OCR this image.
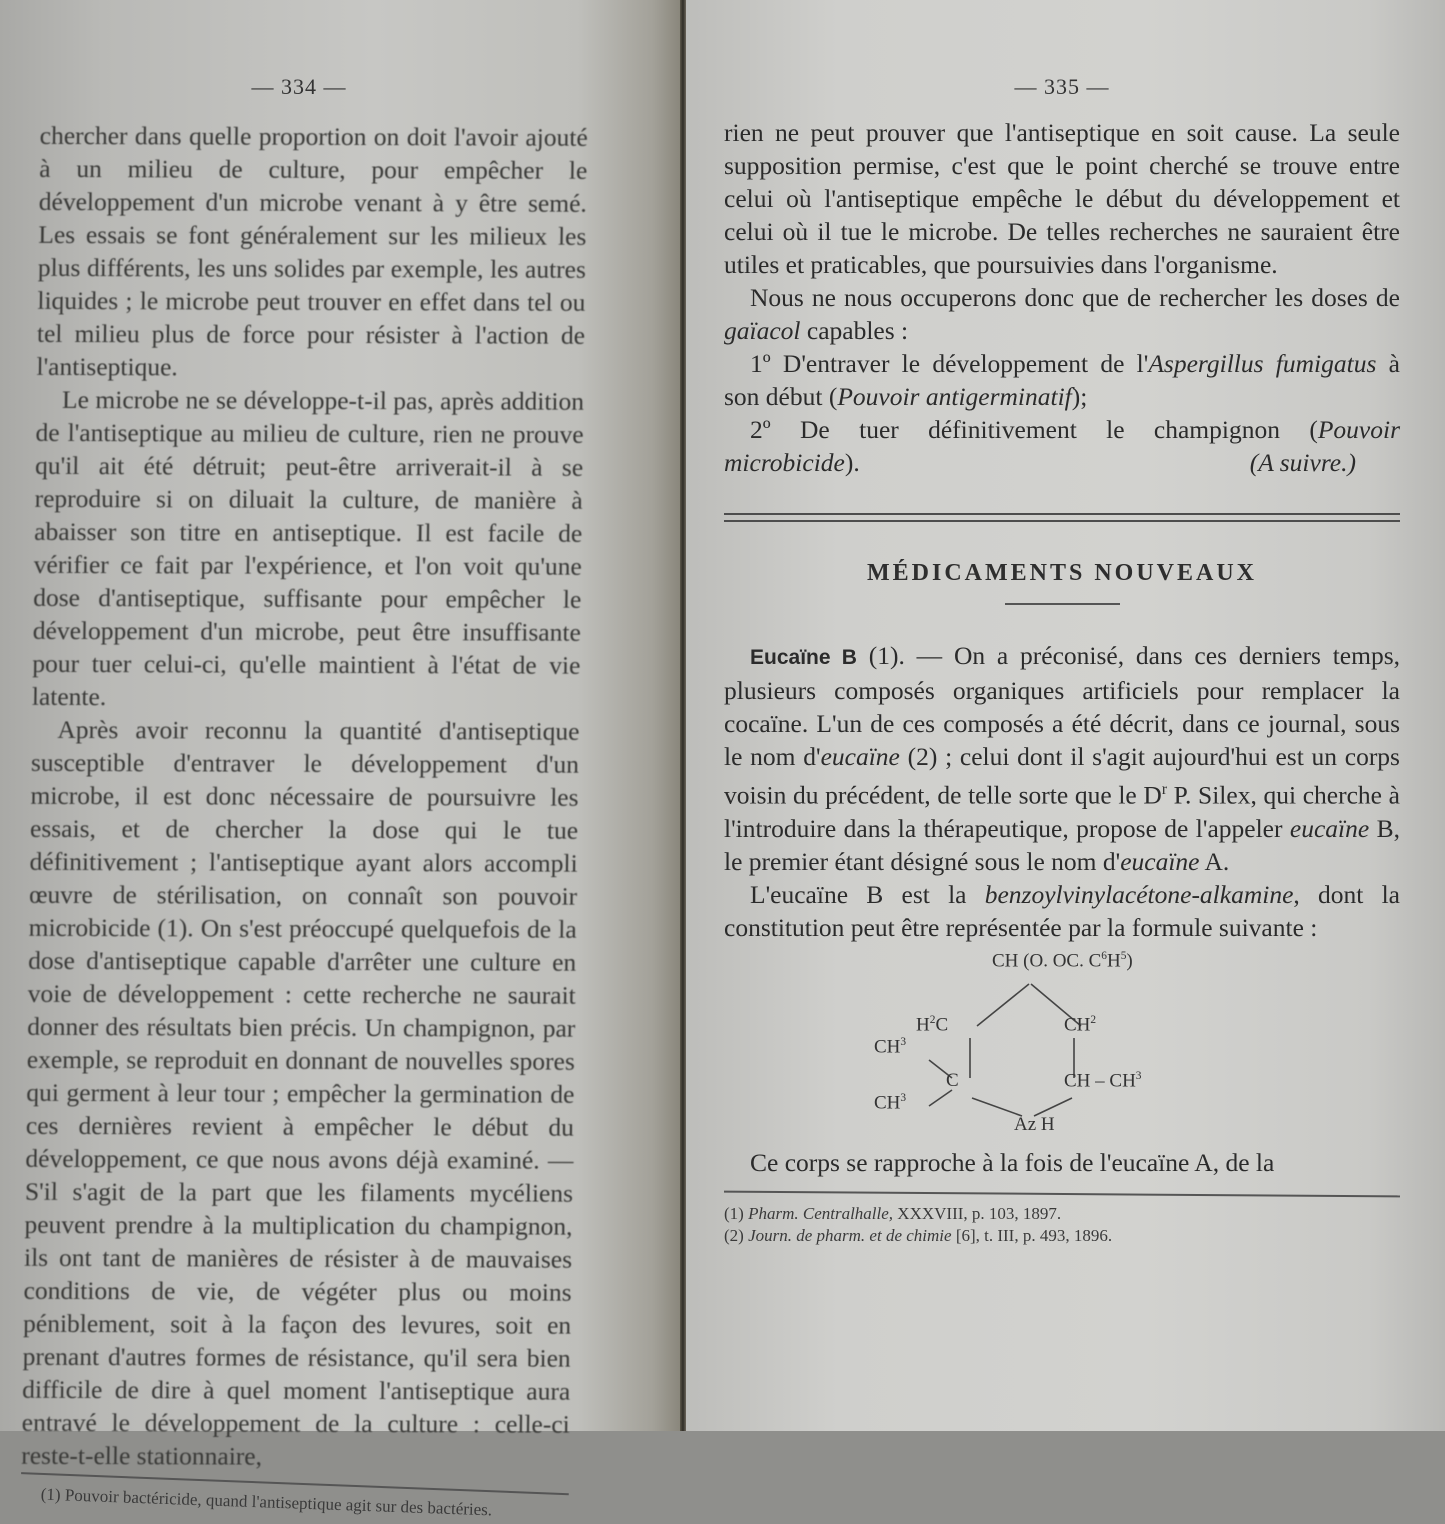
— 334 —

chercher dans quelle proportion on doit l'avoir ajouté à un milieu de culture, pour empêcher le développement d'un microbe venant à y être semé. Les essais se font généralement sur les milieux les plus différents, les uns solides par exemple, les autres liquides ; le microbe peut trouver en effet dans tel ou tel milieu plus de force pour résister à l'action de l'antiseptique.

Le microbe ne se développe-t-il pas, après addition de l'antiseptique au milieu de culture, rien ne prouve qu'il ait été détruit; peut-être arriverait-il à se reproduire si on diluait la culture, de manière à abaisser son titre en antiseptique. Il est facile de vérifier ce fait par l'expérience, et l'on voit qu'une dose d'antiseptique, suffisante pour empêcher le développement d'un microbe, peut être insuffisante pour tuer celui-ci, qu'elle maintient à l'état de vie latente.

Après avoir reconnu la quantité d'antiseptique susceptible d'entraver le développement d'un microbe, il est donc nécessaire de poursuivre les essais, et de chercher la dose qui le tue définitivement ; l'antiseptique ayant alors accompli œuvre de stérilisation, on connaît son pouvoir microbicide (1). On s'est préoccupé quelquefois de la dose d'antiseptique capable d'arrêter une culture en voie de développement : cette recherche ne saurait donner des résultats bien précis. Un champignon, par exemple, se reproduit en donnant de nouvelles spores qui germent à leur tour ; empêcher la germination de ces dernières revient à empêcher le début du développement, ce que nous avons déjà examiné. — S'il s'agit de la part que les filaments mycéliens peuvent prendre à la multiplication du champignon, ils ont tant de manières de résister à de mauvaises conditions de vie, de végéter plus ou moins péniblement, soit à la façon des levures, soit en prenant d'autres formes de résistance, qu'il sera bien difficile de dire à quel moment l'antiseptique aura entravé le développement de la culture : celle-ci reste-t-elle stationnaire,

(1) Pouvoir bactéricide, quand l'antiseptique agit sur des bactéries.

— 335 —

rien ne peut prouver que l'antiseptique en soit cause. La seule supposition permise, c'est que le point cherché se trouve entre celui où l'antiseptique empêche le début du développement et celui où il tue le microbe. De telles recherches ne sauraient être utiles et praticables, que poursuivies dans l'organisme.

Nous ne nous occuperons donc que de rechercher les doses de gaïacol capables :

1º D'entraver le développement de l'Aspergillus fumigatus à son début (Pouvoir antigerminatif);

2º De tuer définitivement le champignon (Pouvoir microbicide).	(A suivre.)

MÉDICAMENTS NOUVEAUX

Eucaïne B (1). — On a préconisé, dans ces derniers temps, plusieurs composés organiques artificiels pour remplacer la cocaïne. L'un de ces composés a été décrit, dans ce journal, sous le nom d'eucaïne (2) ; celui dont il s'agit aujourd'hui est un corps voisin du précédent, de telle sorte que le $D^r$ P. Silex, qui cherche à l'introduire dans la thérapeutique, propose de l'appeler eucaïne B, le premier étant désigné sous le nom d'eucaïne A.

L'eucaïne B est la benzoylvinylacétone-alkamine, dont la constitution peut être représentée par la formule suivante :

CH (O. OC. $C^6H^5$)
$H^2C$	$CH^2$
$CH^3$
C	CH – $CH^3$
$CH^3$
Az H

Ce corps se rapproche à la fois de l'eucaïne A, de la

(1) Pharm. Centralhalle, XXXVIII, p. 103, 1897.

(2) Journ. de pharm. et de chimie [6], t. III, p. 493, 1896.
